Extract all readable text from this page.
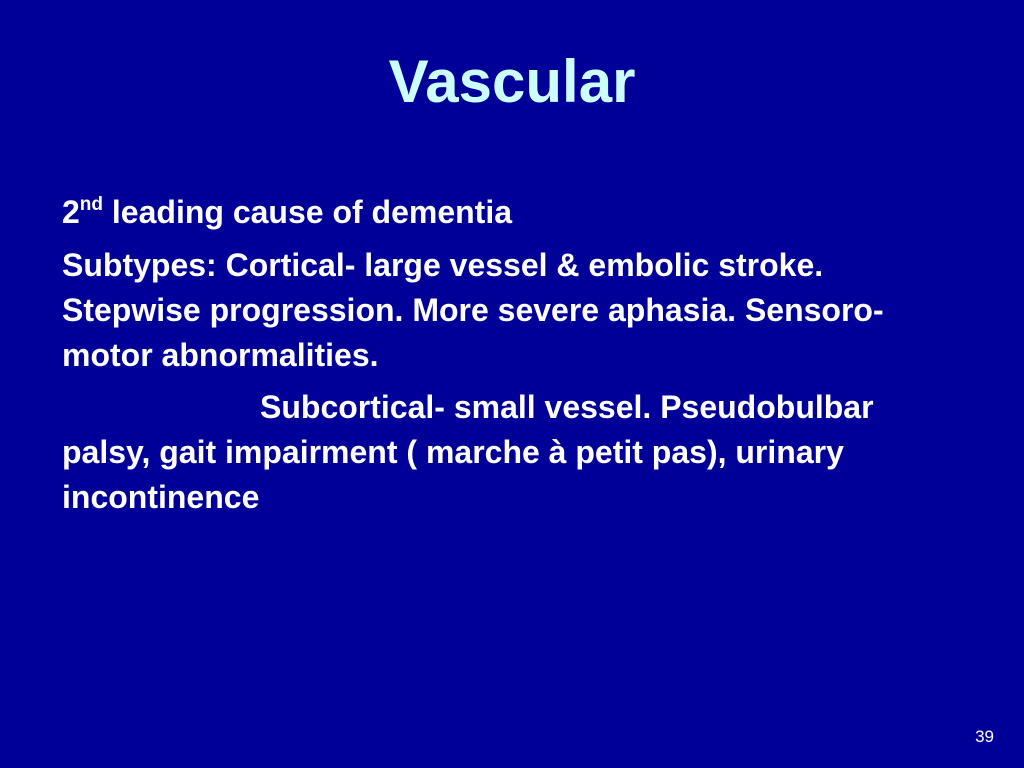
Vascular

2nd leading cause of dementia

Subtypes: Cortical- large vessel & embolic stroke. Stepwise progression. More severe aphasia. Sensoro-motor abnormalities.

Subcortical- small vessel. Pseudobulbar palsy, gait impairment ( marche à petit pas), urinary incontinence

39
